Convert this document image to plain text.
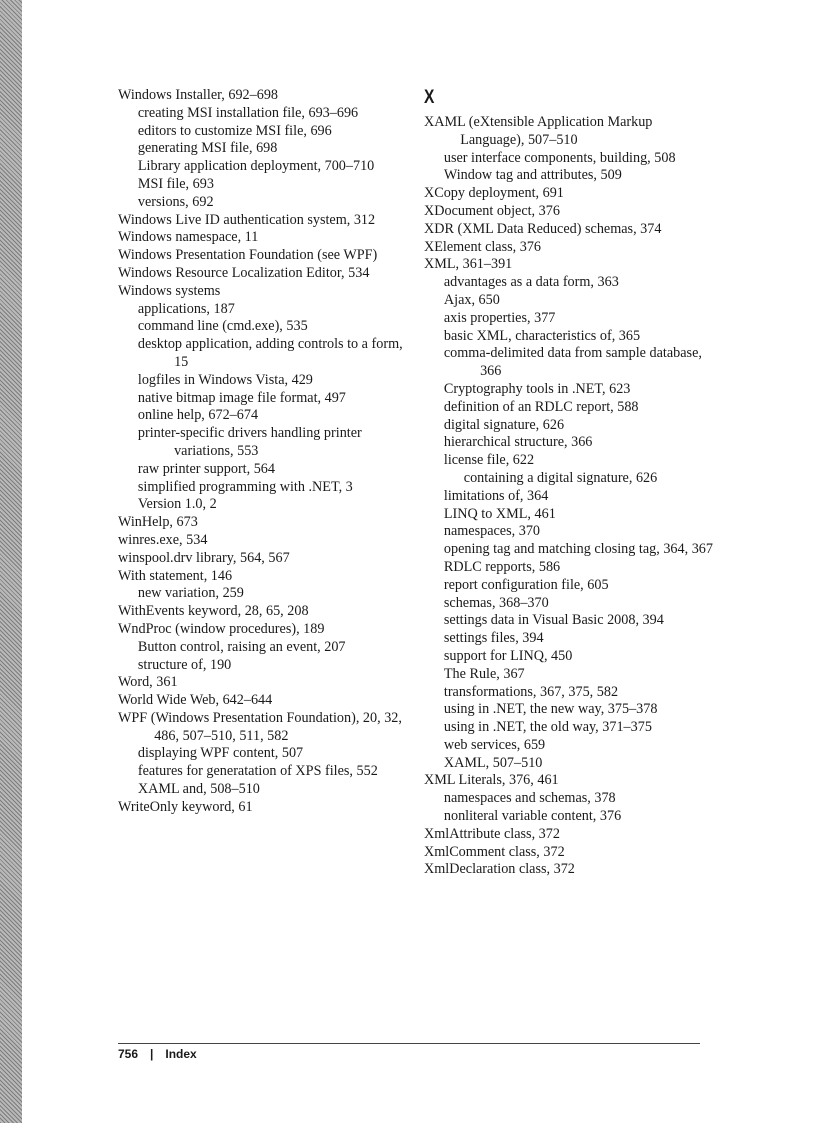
Windows Installer, 692–698

creating MSI installation file, 693–696

editors to customize MSI file, 696

generating MSI file, 698

Library application deployment, 700–710

MSI file, 693

versions, 692

Windows Live ID authentication system, 312

Windows namespace, 11

Windows Presentation Foundation (see WPF)

Windows Resource Localization Editor, 534

Windows systems

applications, 187

command line (cmd.exe), 535

desktop application, adding controls to a form, 15

logfiles in Windows Vista, 429

native bitmap image file format, 497

online help, 672–674

printer-specific drivers handling printer variations, 553

raw printer support, 564

simplified programming with .NET, 3

Version 1.0, 2

WinHelp, 673

winres.exe, 534

winspool.drv library, 564, 567

With statement, 146

new variation, 259

WithEvents keyword, 28, 65, 208

WndProc (window procedures), 189

Button control, raising an event, 207

structure of, 190

Word, 361

World Wide Web, 642–644

WPF (Windows Presentation Foundation), 20, 32, 486, 507–510, 511, 582

displaying WPF content, 507

features for generatation of XPS files, 552

XAML and, 508–510

WriteOnly keyword, 61

X

XAML (eXtensible Application Markup Language), 507–510

user interface components, building, 508

Window tag and attributes, 509

XCopy deployment, 691

XDocument object, 376

XDR (XML Data Reduced) schemas, 374

XElement class, 376

XML, 361–391

advantages as a data form, 363

Ajax, 650

axis properties, 377

basic XML, characteristics of, 365

comma-delimited data from sample database, 366

Cryptography tools in .NET, 623

definition of an RDLC report, 588

digital signature, 626

hierarchical structure, 366

license file, 622

containing a digital signature, 626

limitations of, 364

LINQ to XML, 461

namespaces, 370

opening tag and matching closing tag, 364, 367

RDLC repports, 586

report configuration file, 605

schemas, 368–370

settings data in Visual Basic 2008, 394

settings files, 394

support for LINQ, 450

The Rule, 367

transformations, 367, 375, 582

using in .NET, the new way, 375–378

using in .NET, the old way, 371–375

web services, 659

XAML, 507–510

XML Literals, 376, 461

namespaces and schemas, 378

nonliteral variable content, 376

XmlAttribute class, 372

XmlComment class, 372

XmlDeclaration class, 372

756 | Index
